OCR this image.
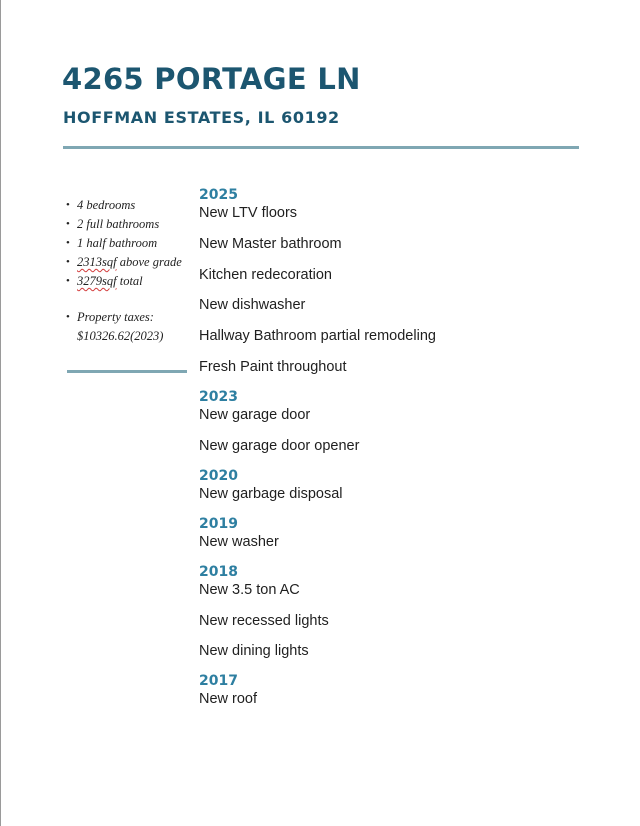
4265 PORTAGE LN
HOFFMAN ESTATES, IL 60192
• 4 bedrooms
• 2 full bathrooms
• 1 half bathroom
• 2313sqf above grade
• 3279sqf total
• Property taxes:
$10326.62(2023)
2025
New LTV floors
New Master bathroom
Kitchen redecoration
New dishwasher
Hallway Bathroom partial remodeling
Fresh Paint throughout
2023
New garage door
New garage door opener
2020
New garbage disposal
2019
New washer
2018
New 3.5 ton AC
New recessed lights
New dining lights
2017
New roof
